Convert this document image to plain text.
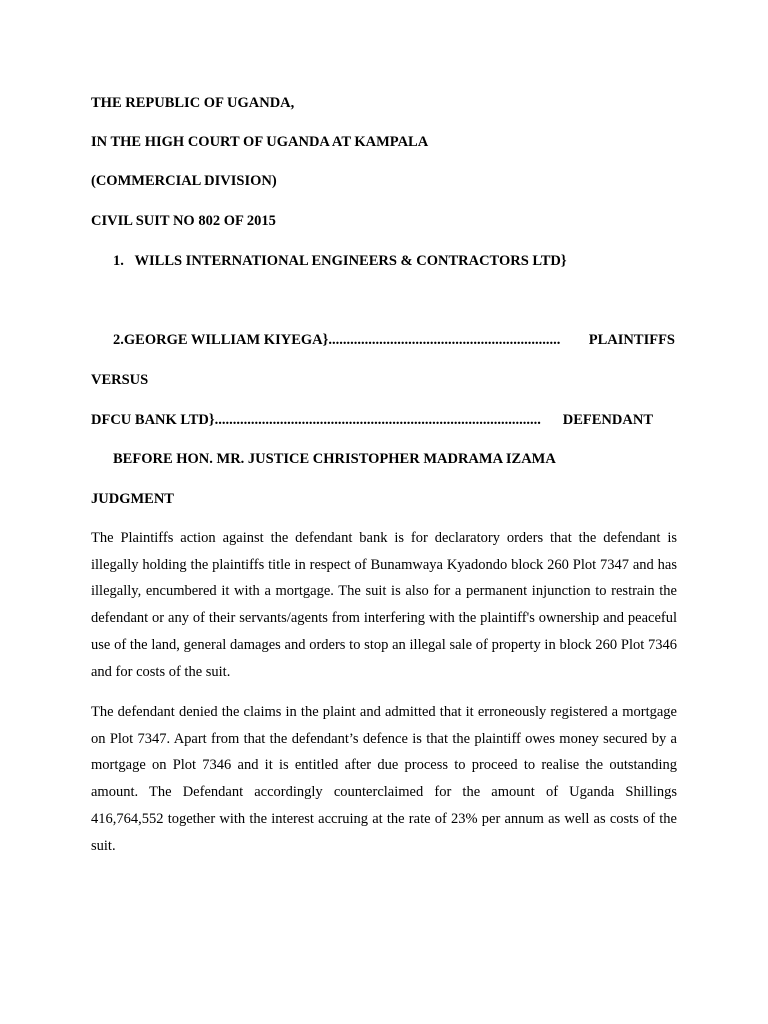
THE REPUBLIC OF UGANDA,
IN THE HIGH COURT OF UGANDA AT KAMPALA
(COMMERCIAL DIVISION)
CIVIL SUIT NO 802 OF 2015
1. WILLS INTERNATIONAL ENGINEERS & CONTRACTORS LTD}
2.GEORGE WILLIAM KIYEGA} ................................................................	PLAINTIFFS
VERSUS
DFCU BANK LTD} ..........................................................................................	DEFENDANT
BEFORE HON. MR. JUSTICE CHRISTOPHER MADRAMA IZAMA
JUDGMENT

The Plaintiffs action against the defendant bank is for declaratory orders that the defendant is illegally holding the plaintiffs title in respect of Bunamwaya Kyadondo block 260 Plot 7347 and has illegally, encumbered it with a mortgage. The suit is also for a permanent injunction to restrain the defendant or any of their servants/agents from interfering with the plaintiff's ownership and peaceful use of the land, general damages and orders to stop an illegal sale of property in block 260 Plot 7346 and for costs of the suit.

The defendant denied the claims in the plaint and admitted that it erroneously registered a mortgage on Plot 7347. Apart from that the defendant’s defence is that the plaintiff owes money secured by a mortgage on Plot 7346 and it is entitled after due process to proceed to realise the outstanding amount. The Defendant accordingly counterclaimed for the amount of Uganda Shillings 416,764,552 together with the interest accruing at the rate of 23% per annum as well as costs of the suit.
